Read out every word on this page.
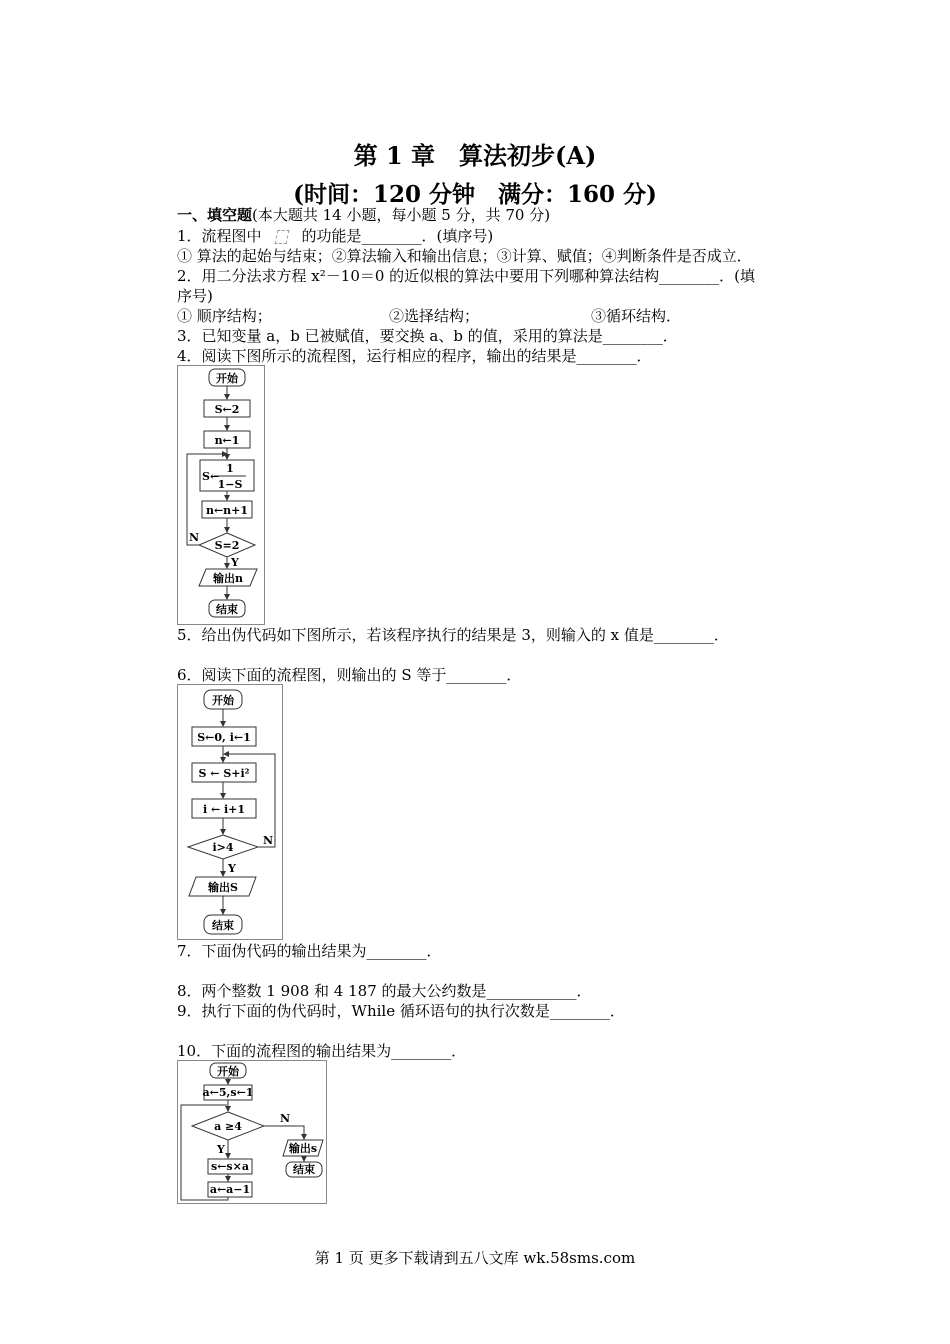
第 1 章　算法初步(A)
(时间：120 分钟　满分：160 分)
一、填空题(本大题共 14 小题，每小题 5 分，共 70 分)
1．流程图中	的功能是________．(填序号)
① 算法的起始与结束；②算法输入和输出信息；③计算、赋值；④判断条件是否成立．
2．用二分法求方程 x²－10＝0 的近似根的算法中要用下列哪种算法结构________．(填
序号)
① 顺序结构；	②选择结构；	③循环结构．
3．已知变量 a，b 已被赋值，要交换 a、b 的值，采用的算法是________．
4．阅读下图所示的流程图，运行相应的程序，输出的结果是________．
开始
S←2
n←1
S←
1
1−S
n←n+1
S=2
N
Y
输出n
结束
5．给出伪代码如下图所示，若该程序执行的结果是 3，则输入的 x 值是________．
6．阅读下面的流程图，则输出的 S 等于________．
开始
S←0, i←1
S ← S+i²
i ← i+1
i>4
N
Y
输出S
结束
7．下面伪代码的输出结果为________．
8．两个整数 1 908 和 4 187 的最大公约数是____________．
9．执行下面的伪代码时，While 循环语句的执行次数是________．
10．下面的流程图的输出结果为________．
开始
a←5,s←1
a ≥4
N
Y
s←s×a
a←a−1
输出s
结束
第 1 页 更多下载请到五八文库 wk.58sms.com
